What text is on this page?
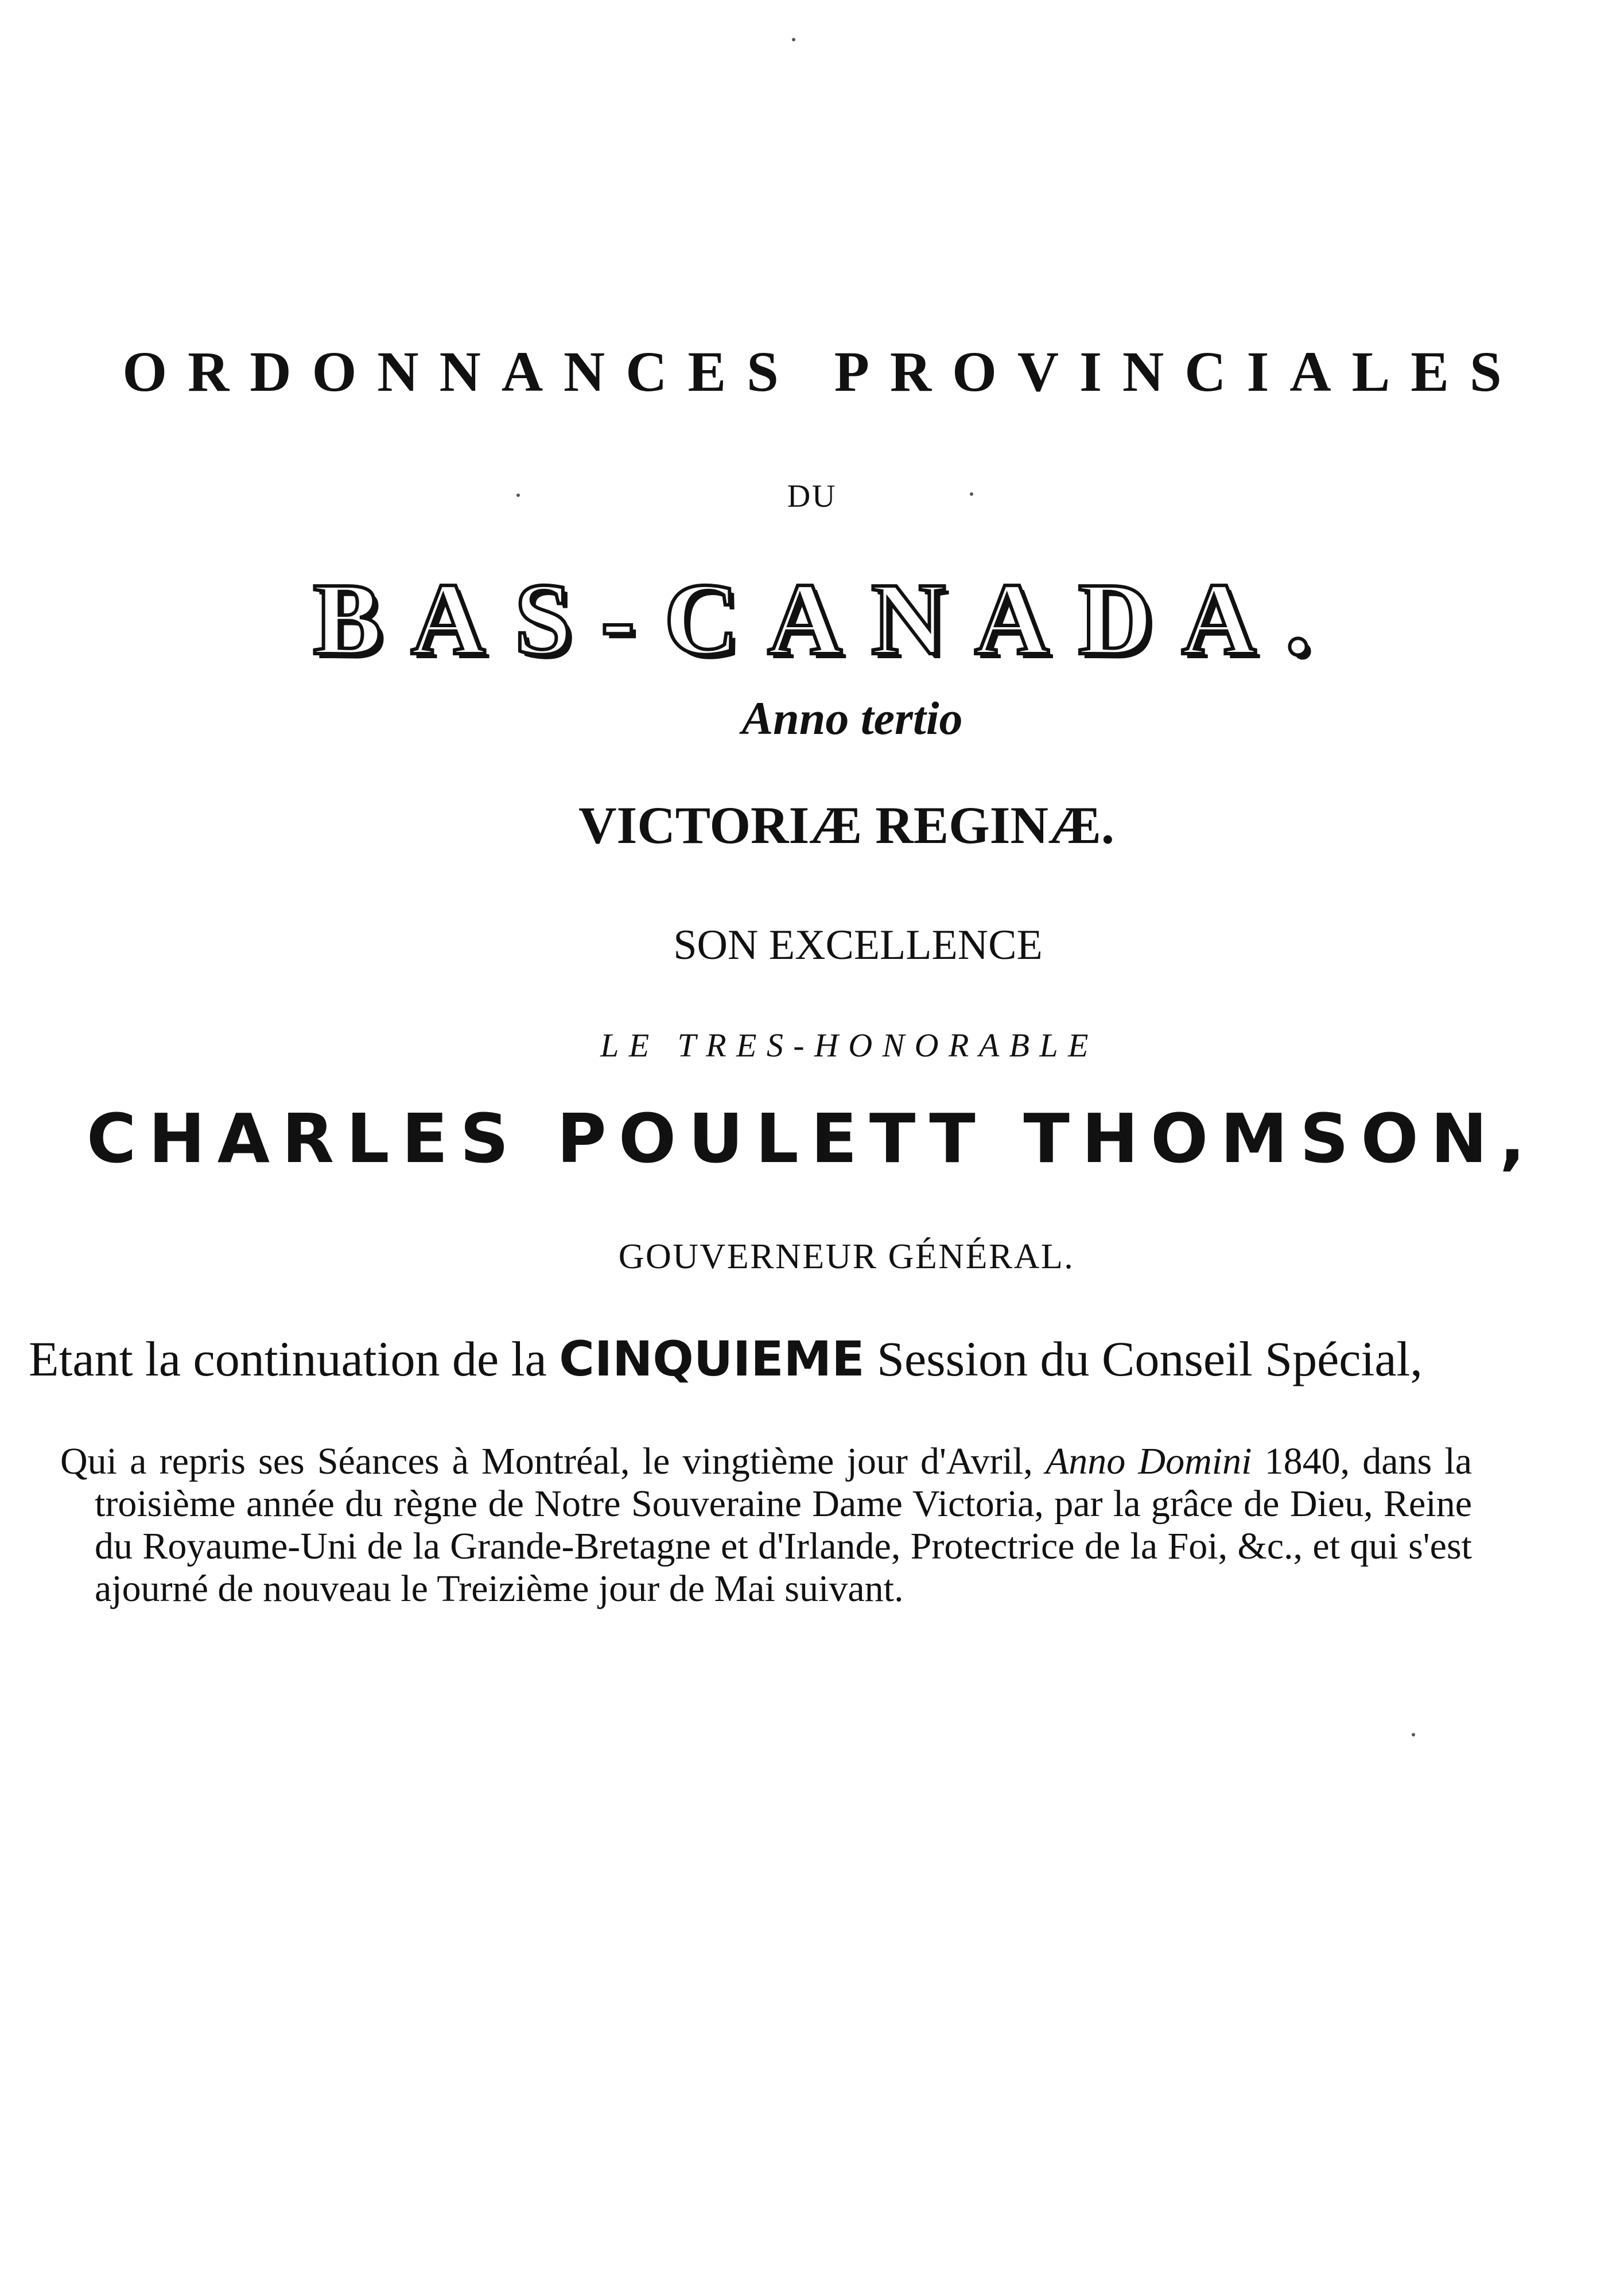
ORDONNANCES PROVINCIALES
DU
BAS-CANADA.
Anno tertio
VICTORIÆ REGINÆ.
SON EXCELLENCE
LE TRES-HONORABLE
CHARLES POULETT THOMSON,
GOUVERNEUR GÉNÉRAL.
Etant la continuation de la CINQUIEME Session du Conseil Spécial,
Qui a repris ses Séances à Montréal, le vingtième jour d'Avril, Anno Domini 1840, dans la troisième année du règne de Notre Souveraine Dame Victoria, par la grâce de Dieu, Reine du Royaume-Uni de la Grande-Bretagne et d'Irlande, Protectrice de la Foi, &c., et qui s'est ajourné de nouveau le Treizième jour de Mai suivant.
